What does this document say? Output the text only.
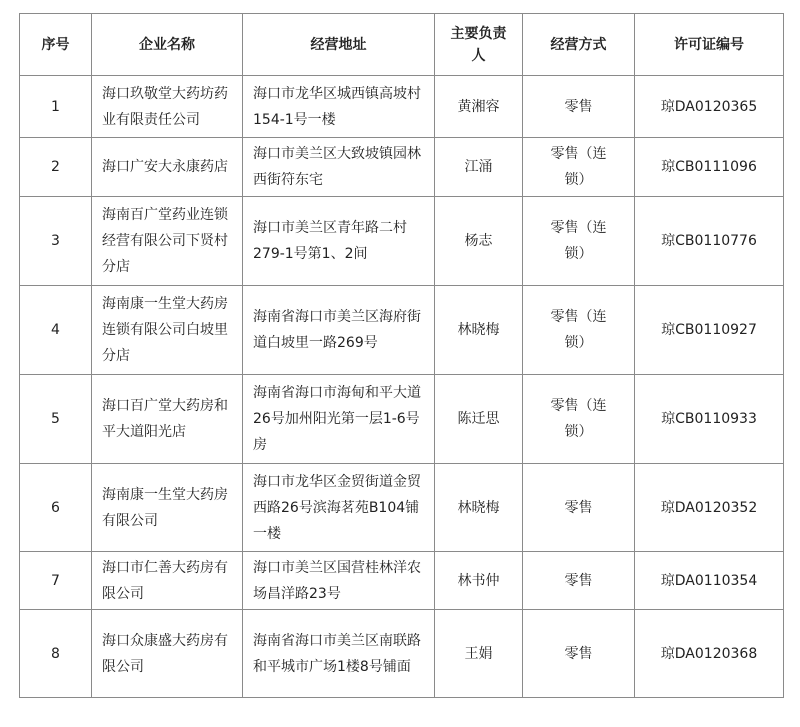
序号	企业名称	经营地址	主要负责人	经营方式	许可证编号

1	海口玖敬堂大药坊药业有限责任公司	海口市龙华区城西镇高坡村154-1号一楼	黄湘容	零售	琼DA0120365

2	海口广安大永康药店	海口市美兰区大致坡镇园林西街符东宅	江涌	零售（连锁）	琼CB0111096

3	海南百广堂药业连锁经营有限公司下贤村分店	海口市美兰区青年路二村279-1号第1、2间	杨志	零售（连锁）	琼CB0110776

4	海南康一生堂大药房连锁有限公司白坡里分店	海南省海口市美兰区海府街道白坡里一路269号	林晓梅	零售（连锁）	琼CB0110927

5	海口百广堂大药房和平大道阳光店	海南省海口市海甸和平大道26号加州阳光第一层1-6号房	陈迁思	零售（连锁）	琼CB0110933

6	海南康一生堂大药房有限公司	海口市龙华区金贸街道金贸西路26号滨海茗苑B104铺一楼	林晓梅	零售	琼DA0120352

7	海口市仁善大药房有限公司	海口市美兰区国营桂林洋农场昌洋路23号	林书仲	零售	琼DA0110354

8	海口众康盛大药房有限公司	海南省海口市美兰区南联路和平城市广场1楼8号铺面	王娟	零售	琼DA0120368
